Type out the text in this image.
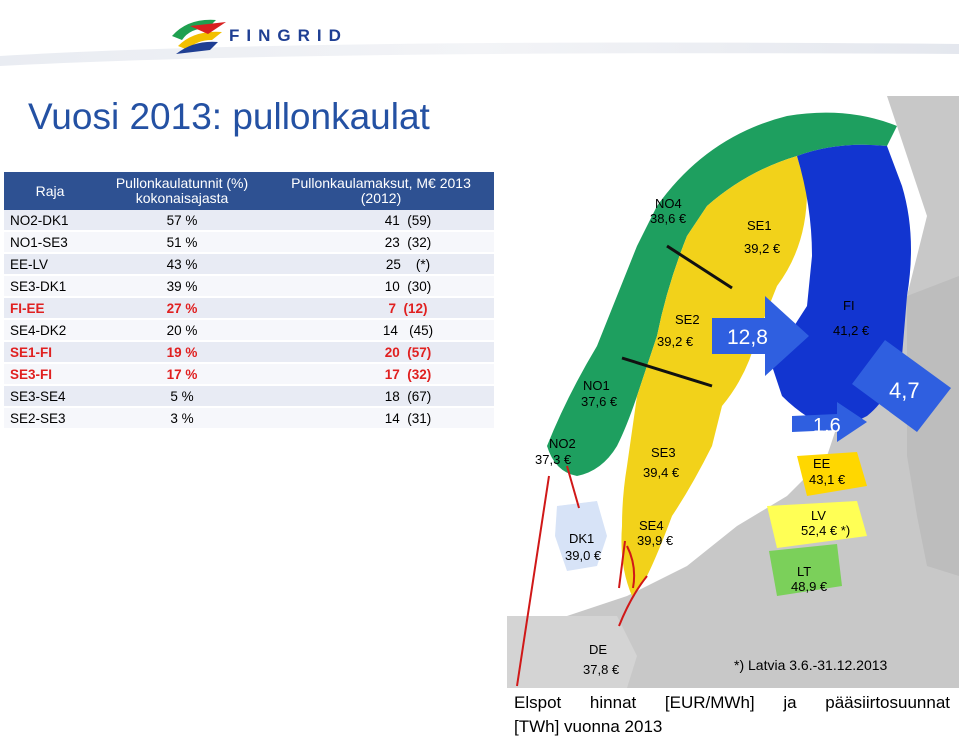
FINGRID
Vuosi 2013: pullonkaulat
Raja	Pullonkaulatunnit (%) kokonaisajasta	Pullonkaulamaksut, M€ 2013 (2012)
NO2-DK1	57 %	41  (59)
NO1-SE3	51 %	23  (32)
EE-LV	43 %	25    (*)
SE3-DK1	39 %	10  (30)
FI-EE	27 %	7  (12)
SE4-DK2	20 %	14   (45)
SE1-FI	19 %	20  (57)
SE3-FI	17 %	17  (32)
SE3-SE4	5 %	18  (67)
SE2-SE3	3 %	14  (31)
NO4 38,6 €	SE1 39,2 €
SE2 39,2 €
FI 41,2 €
NO1 37,6 €
NO2 37,3 €	SE3 39,4 €
EE 43,1 €
DK1 39,0 €
SE4 39,9 €
LV 52,4 € *)
LT 48,9 €
DE 37,8 €
12,8
1,6
4,7
*) Latvia 3.6.-31.12.2013
Elspot hinnat [EUR/MWh] ja pääsiirtosuunnat
[TWh] vuonna 2013
